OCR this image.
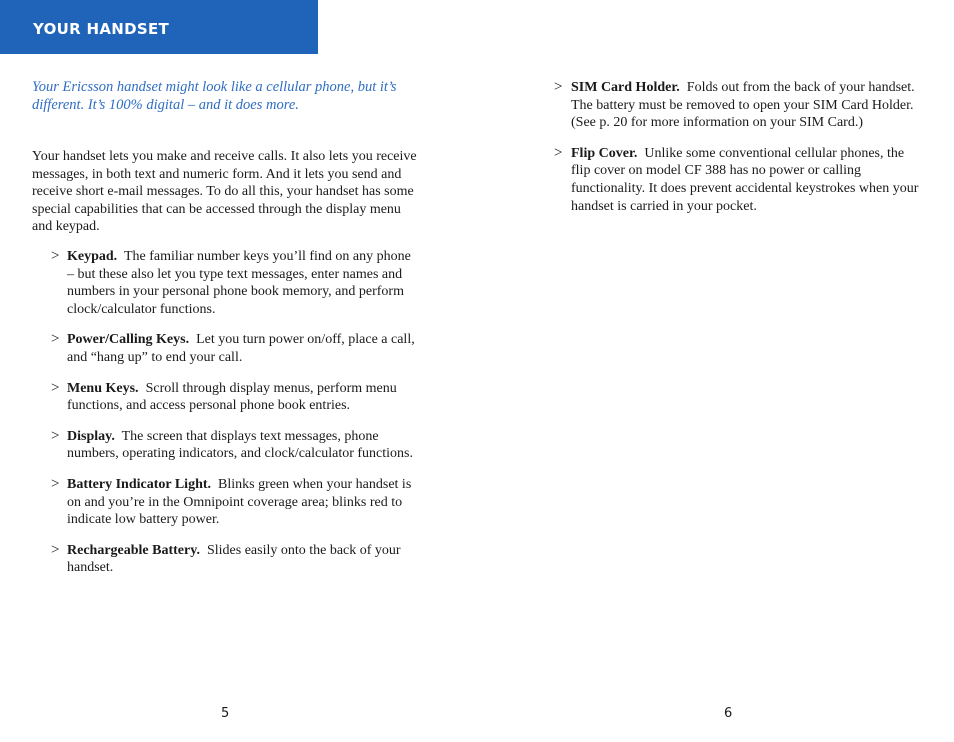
YOUR HANDSET

Your Ericsson handset might look like a cellular phone, but it’s different. It’s 100% digital – and it does more.

Your handset lets you make and receive calls. It also lets you receive messages, in both text and numeric form. And it lets you send and receive short e-mail messages. To do all this, your handset has some special capabilities that can be accessed through the display menu and keypad.

> Keypad. The familiar number keys you’ll find on any phone – but these also let you type text messages, enter names and numbers in your personal phone book memory, and perform clock/calculator functions.
> Power/Calling Keys. Let you turn power on/off, place a call, and “hang up” to end your call.
> Menu Keys. Scroll through display menus, perform menu functions, and access personal phone book entries.
> Display. The screen that displays text messages, phone numbers, operating indicators, and clock/calculator functions.
> Battery Indicator Light. Blinks green when your handset is on and you’re in the Omnipoint coverage area; blinks red to indicate low battery power.
> Rechargeable Battery. Slides easily onto the back of your handset.
> SIM Card Holder. Folds out from the back of your handset. The battery must be removed to open your SIM Card Holder. (See p. 20 for more information on your SIM Card.)
> Flip Cover. Unlike some conventional cellular phones, the flip cover on model CF 388 has no power or calling functionality. It does prevent accidental keystrokes when your handset is carried in your pocket.
5	6
